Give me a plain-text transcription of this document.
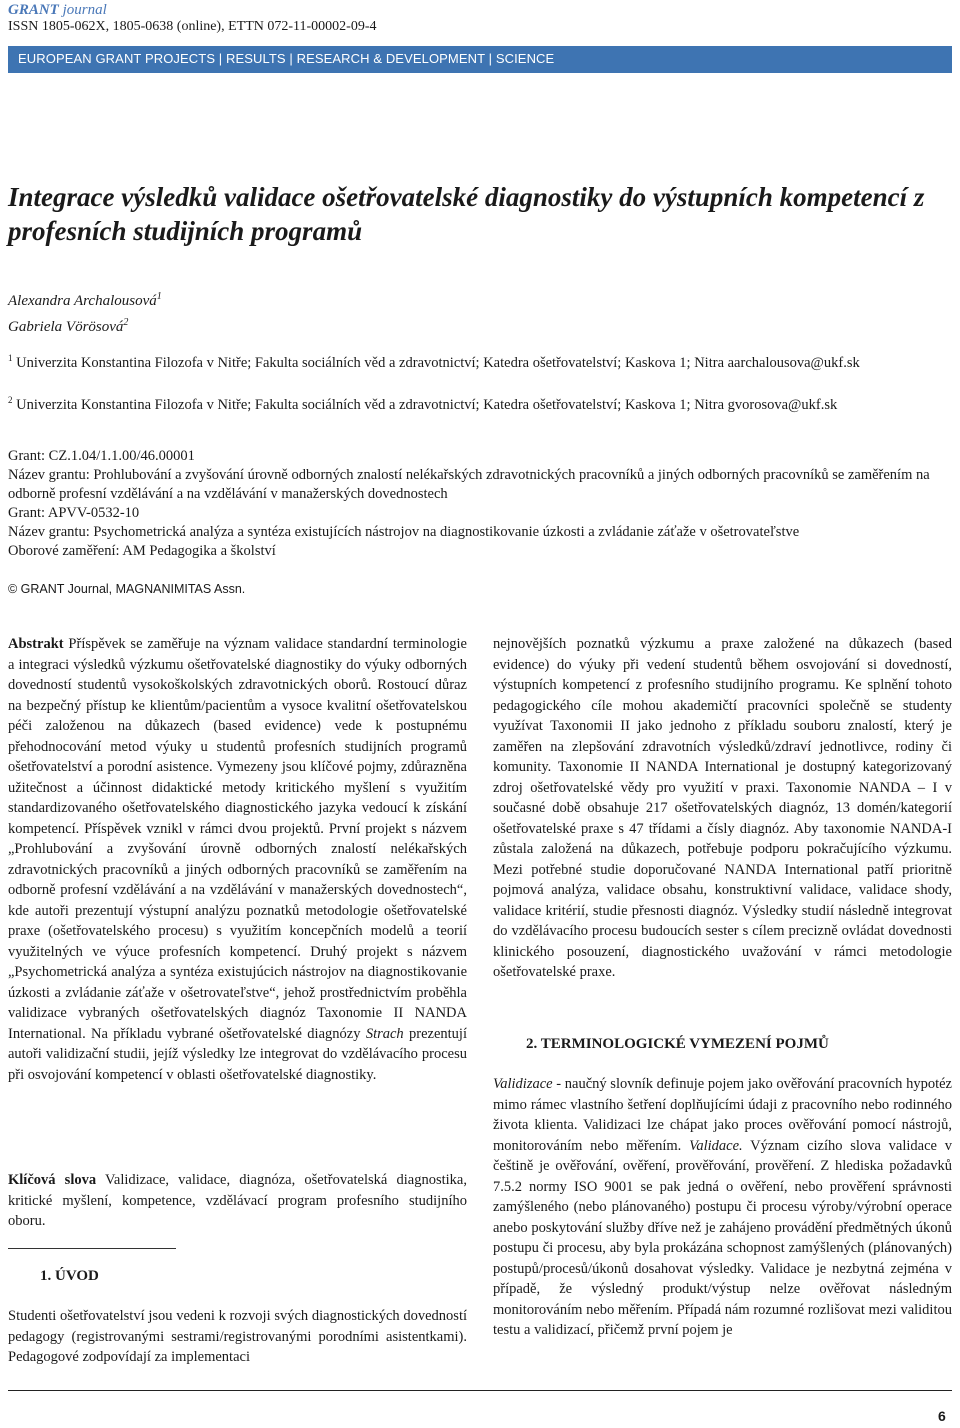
GRANT journal
ISSN 1805-062X, 1805-0638 (online), ETTN 072-11-00002-09-4
EUROPEAN GRANT PROJECTS | RESULTS | RESEARCH & DEVELOPMENT | SCIENCE
Integrace výsledků validace ošetřovatelské diagnostiky do výstupních kompetencí z profesních studijních programů
Alexandra Archalousová$^1$
Gabriela Vörösová$^2$
$^1$ Univerzita Konstantina Filozofa v Nitře; Fakulta sociálních věd a zdravotnictví; Katedra ošetřovatelství; Kaskova 1; Nitra aarchalousova@ukf.sk
$^2$ Univerzita Konstantina Filozofa v Nitře; Fakulta sociálních věd a zdravotnictví; Katedra ošetřovatelství; Kaskova 1; Nitra gvorosova@ukf.sk
Grant: CZ.1.04/1.1.00/46.00001
Název grantu: Prohlubování a zvyšování úrovně odborných znalostí nelékařských zdravotnických pracovníků a jiných odborných pracovníků se zaměřením na odborně profesní vzdělávání a na vzdělávání v manažerských dovednostech
Grant: APVV-0532-10
Název grantu: Psychometrická analýza a syntéza existujících nástrojov na diagnostikovanie úzkosti a zvládanie záťaže v ošetrovateľstve
Oborové zaměření: AM Pedagogika a školství
© GRANT Journal, MAGNANIMITAS Assn.

Abstrakt Příspěvek se zaměřuje na význam validace standardní terminologie a integraci výsledků výzkumu ošetřovatelské diagnostiky do výuky odborných dovedností studentů vysokoškolských zdravotnických oborů. Rostoucí důraz na bezpečný přístup ke klientům/pacientům a vysoce kvalitní ošetřovatelskou péči založenou na důkazech (based evidence) vede k postupnému přehodnocování metod výuky u studentů profesních studijních programů ošetřovatelství a porodní asistence. Vymezeny jsou klíčové pojmy, zdůrazněna užitečnost a účinnost didaktické metody kritického myšlení s využitím standardizovaného ošetřovatelského diagnostického jazyka vedoucí k získání kompetencí. Příspěvek vznikl v rámci dvou projektů. První projekt s názvem „Prohlubování a zvyšování úrovně odborných znalostí nelékařských zdravotnických pracovníků a jiných odborných pracovníků se zaměřením na odborně profesní vzdělávání a na vzdělávání v manažerských dovednostech“, kde autoři prezentují výstupní analýzu poznatků metodologie ošetřovatelské praxe (ošetřovatelského procesu) s využitím koncepčních modelů a teorií využitelných ve výuce profesních kompetencí. Druhý projekt s názvem „Psychometrická analýza a syntéza existujúcich nástrojov na diagnostikovanie úzkosti a zvládanie záťaže v ošetrovateľstve“, jehož prostřednictvím proběhla validizace vybraných ošetřovatelských diagnóz Taxonomie II NANDA International. Na příkladu vybrané ošetřovatelské diagnózy Strach prezentují autoři validizační studii, jejíž výsledky lze integrovat do vzdělávacího procesu při osvojování kompetencí v oblasti ošetřovatelské diagnostiky.

Klíčová slova Validizace, validace, diagnóza, ošetřovatelská diagnostika, kritické myšlení, kompetence, vzdělávací program profesního studijního oboru.
1. ÚVOD
Studenti ošetřovatelství jsou vedeni k rozvoji svých diagnostických dovedností pedagogy (registrovanými sestrami/registrovanými porodními asistentkami). Pedagogové zodpovídají za implementaci
nejnovějších poznatků výzkumu a praxe založené na důkazech (based evidence) do výuky při vedení studentů během osvojování si dovedností, výstupních kompetencí z profesního studijního programu. Ke splnění tohoto pedagogického cíle mohou akademičtí pracovníci společně se studenty využívat Taxonomii II jako jednoho z příkladu souboru znalostí, který je zaměřen na zlepšování zdravotních výsledků/zdraví jednotlivce, rodiny či komunity. Taxonomie II NANDA International je dostupný kategorizovaný zdroj ošetřovatelské vědy pro využití v praxi. Taxonomie NANDA – I v současné době obsahuje 217 ošetřovatelských diagnóz, 13 domén/kategorií ošetřovatelské praxe s 47 třídami a čísly diagnóz. Aby taxonomie NANDA-I zůstala založená na důkazech, potřebuje podporu pokračujícího výzkumu. Mezi potřebné studie doporučované NANDA International patří prioritně pojmová analýza, validace obsahu, konstruktivní validace, validace shody, validace kritérií, studie přesnosti diagnóz. Výsledky studií následně integrovat do vzdělávacího procesu budoucích sester s cílem precizně ovládat dovednosti klinického posouzení, diagnostického uvažování v rámci metodologie ošetřovatelské praxe.
2. TERMINOLOGICKÉ VYMEZENÍ POJMŮ
Validizace - naučný slovník definuje pojem jako ověřování pracovních hypotéz mimo rámec vlastního šetření doplňujícími údaji z pracovního nebo rodinného života klienta. Validizaci lze chápat jako proces ověřování pomocí nástrojů, monitorováním nebo měřením. Validace. Význam cizího slova validace v češtině je ověřování, ověření, prověřování, prověření. Z hlediska požadavků 7.5.2 normy ISO 9001 se pak jedná o ověření, nebo prověření správnosti zamýšleného (nebo plánovaného) postupu či procesu výroby/výrobní operace anebo poskytování služby dříve než je zahájeno provádění předmětných úkonů postupu či procesu, aby byla prokázána schopnost zamýšlených (plánovaných) postupů/procesů/úkonů dosahovat výsledky. Validace je nezbytná zejména v případě, že výsledný produkt/výstup nelze ověřovat následným monitorováním nebo měřením. Případá nám rozumné rozlišovat mezi validitou testu a validizací, přičemž první pojem je
6
